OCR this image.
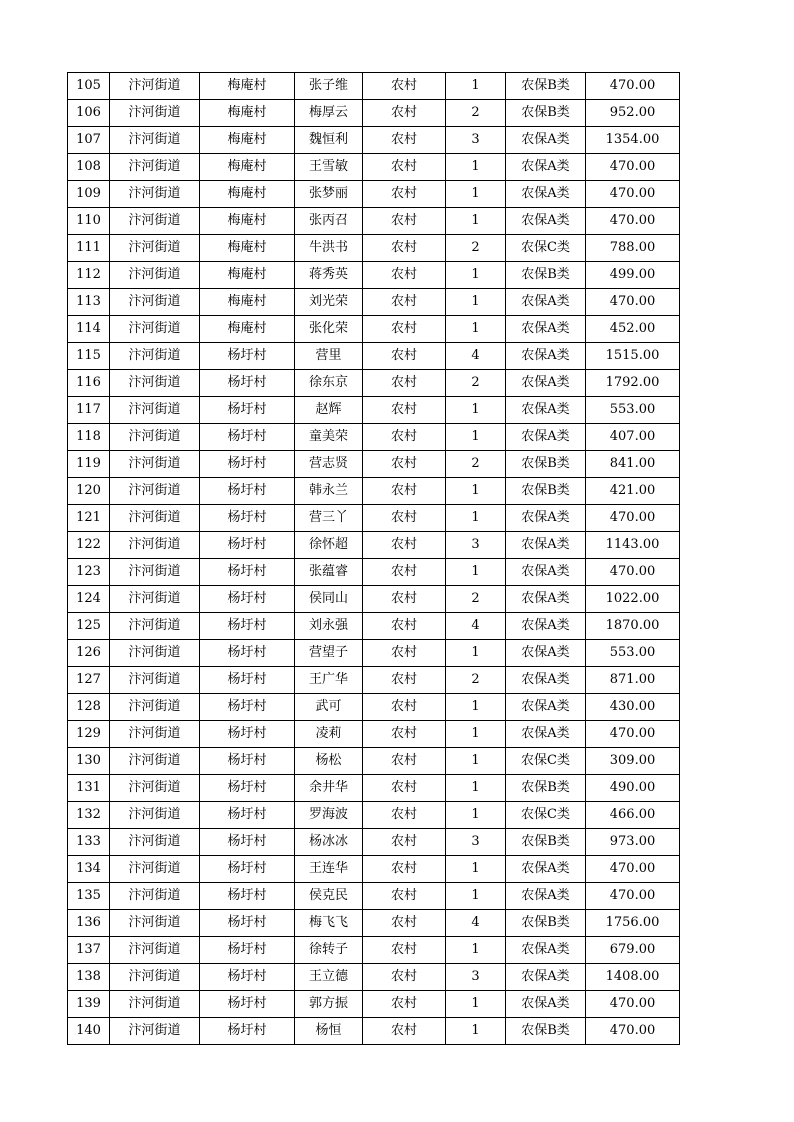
105	汴河街道	梅庵村	张子维	农村	1	农保B类	470.00
106	汴河街道	梅庵村	梅厚云	农村	2	农保B类	952.00
107	汴河街道	梅庵村	魏恒利	农村	3	农保A类	1354.00
108	汴河街道	梅庵村	王雪敏	农村	1	农保A类	470.00
109	汴河街道	梅庵村	张梦丽	农村	1	农保A类	470.00
110	汴河街道	梅庵村	张丙召	农村	1	农保A类	470.00
111	汴河街道	梅庵村	牛洪书	农村	2	农保C类	788.00
112	汴河街道	梅庵村	蒋秀英	农村	1	农保B类	499.00
113	汴河街道	梅庵村	刘光荣	农村	1	农保A类	470.00
114	汴河街道	梅庵村	张化荣	农村	1	农保A类	452.00
115	汴河街道	杨圩村	营里	农村	4	农保A类	1515.00
116	汴河街道	杨圩村	徐东京	农村	2	农保A类	1792.00
117	汴河街道	杨圩村	赵辉	农村	1	农保A类	553.00
118	汴河街道	杨圩村	童美荣	农村	1	农保A类	407.00
119	汴河街道	杨圩村	营志贤	农村	2	农保B类	841.00
120	汴河街道	杨圩村	韩永兰	农村	1	农保B类	421.00
121	汴河街道	杨圩村	营三丫	农村	1	农保A类	470.00
122	汴河街道	杨圩村	徐怀超	农村	3	农保A类	1143.00
123	汴河街道	杨圩村	张蕴睿	农村	1	农保A类	470.00
124	汴河街道	杨圩村	侯同山	农村	2	农保A类	1022.00
125	汴河街道	杨圩村	刘永强	农村	4	农保A类	1870.00
126	汴河街道	杨圩村	营望子	农村	1	农保A类	553.00
127	汴河街道	杨圩村	王广华	农村	2	农保A类	871.00
128	汴河街道	杨圩村	武可	农村	1	农保A类	430.00
129	汴河街道	杨圩村	凌莉	农村	1	农保A类	470.00
130	汴河街道	杨圩村	杨松	农村	1	农保C类	309.00
131	汴河街道	杨圩村	余井华	农村	1	农保B类	490.00
132	汴河街道	杨圩村	罗海波	农村	1	农保C类	466.00
133	汴河街道	杨圩村	杨冰冰	农村	3	农保B类	973.00
134	汴河街道	杨圩村	王连华	农村	1	农保A类	470.00
135	汴河街道	杨圩村	侯克民	农村	1	农保A类	470.00
136	汴河街道	杨圩村	梅飞飞	农村	4	农保B类	1756.00
137	汴河街道	杨圩村	徐转子	农村	1	农保A类	679.00
138	汴河街道	杨圩村	王立德	农村	3	农保A类	1408.00
139	汴河街道	杨圩村	郭方振	农村	1	农保A类	470.00
140	汴河街道	杨圩村	杨恒	农村	1	农保B类	470.00
